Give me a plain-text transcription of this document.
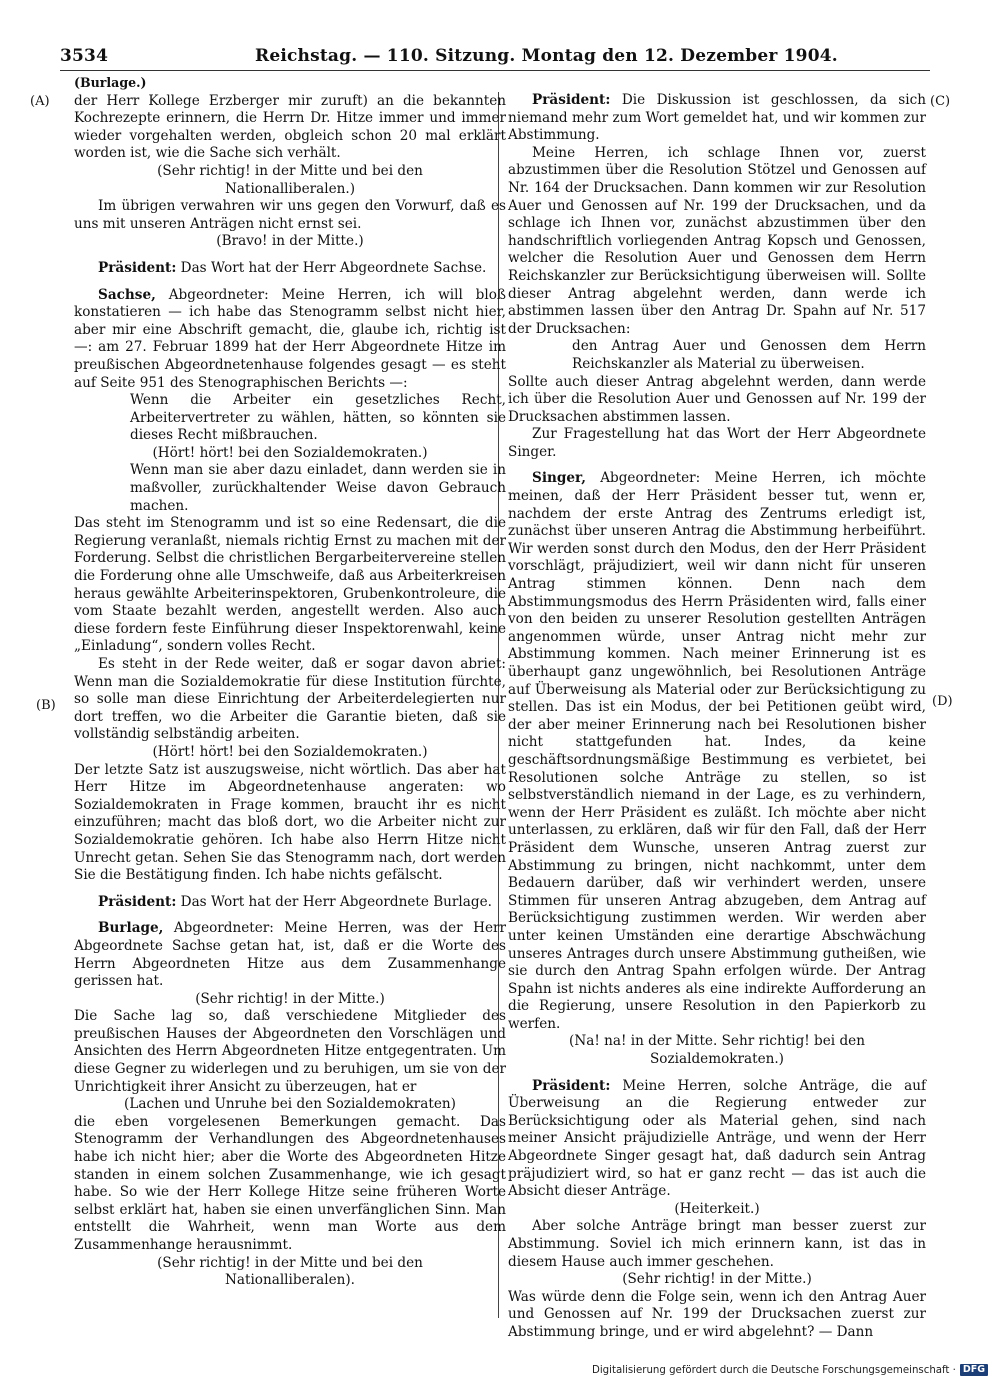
3534	Reichstag. — 110. Sitzung. Montag den 12. Dezember 1904.
(A)
(B)
(C)
(D)

(Burlage.)

der Herr Kollege Erzberger mir zuruft) an die bekannten Kochrezepte erinnern, die Herrn Dr. Hitze immer und immer wieder vorgehalten werden, obgleich schon 20 mal erklärt worden ist, wie die Sache sich verhält.

(Sehr richtig! in der Mitte und bei den Nationalliberalen.)

Im übrigen verwahren wir uns gegen den Vorwurf, daß es uns mit unseren Anträgen nicht ernst sei.

(Bravo! in der Mitte.)

Präsident: Das Wort hat der Herr Abgeordnete Sachse.

Sachse, Abgeordneter: Meine Herren, ich will bloß konstatieren — ich habe das Stenogramm selbst nicht hier, aber mir eine Abschrift gemacht, die, glaube ich, richtig ist —: am 27. Februar 1899 hat der Herr Abgeordnete Hitze im preußischen Abgeordnetenhause folgendes gesagt — es steht auf Seite 951 des Stenographischen Berichts —:

Wenn die Arbeiter ein gesetzliches Recht, Arbeitervertreter zu wählen, hätten, so könnten sie dieses Recht mißbrauchen.

(Hört! hört! bei den Sozialdemokraten.)

Wenn man sie aber dazu einladet, dann werden sie in maßvoller, zurückhaltender Weise davon Gebrauch machen.

Das steht im Stenogramm und ist so eine Redensart, die die Regierung veranlaßt, niemals richtig Ernst zu machen mit der Forderung. Selbst die christlichen Bergarbeitervereine stellen die Forderung ohne alle Umschweife, daß aus Arbeiterkreisen heraus gewählte Arbeiterinspektoren, Grubenkontroleure, die vom Staate bezahlt werden, angestellt werden. Also auch diese fordern feste Einführung dieser Inspektorenwahl, keine „Einladung“, sondern volles Recht.

Es steht in der Rede weiter, daß er sogar davon abriet: Wenn man die Sozialdemokratie für diese Institution fürchte, so solle man diese Einrichtung der Arbeiterdelegierten nur dort treffen, wo die Arbeiter die Garantie bieten, daß sie vollständig selbständig arbeiten.

(Hört! hört! bei den Sozialdemokraten.)

Der letzte Satz ist auszugsweise, nicht wörtlich. Das aber hat Herr Hitze im Abgeordnetenhause angeraten: wo Sozialdemokraten in Frage kommen, braucht ihr es nicht einzuführen; macht das bloß dort, wo die Arbeiter nicht zur Sozialdemokratie gehören. Ich habe also Herrn Hitze nicht Unrecht getan. Sehen Sie das Stenogramm nach, dort werden Sie die Bestätigung finden. Ich habe nichts gefälscht.

Präsident: Das Wort hat der Herr Abgeordnete Burlage.

Burlage, Abgeordneter: Meine Herren, was der Herr Abgeordnete Sachse getan hat, ist, daß er die Worte des Herrn Abgeordneten Hitze aus dem Zusammenhange gerissen hat.

(Sehr richtig! in der Mitte.)

Die Sache lag so, daß verschiedene Mitglieder des preußischen Hauses der Abgeordneten den Vorschlägen und Ansichten des Herrn Abgeordneten Hitze entgegentraten. Um diese Gegner zu widerlegen und zu beruhigen, um sie von der Unrichtigkeit ihrer Ansicht zu überzeugen, hat er

(Lachen und Unruhe bei den Sozialdemokraten)

die eben vorgelesenen Bemerkungen gemacht. Das Stenogramm der Verhandlungen des Abgeordnetenhauses habe ich nicht hier; aber die Worte des Abgeordneten Hitze standen in einem solchen Zusammenhange, wie ich gesagt habe. So wie der Herr Kollege Hitze seine früheren Worte selbst erklärt hat, haben sie einen unverfänglichen Sinn. Man entstellt die Wahrheit, wenn man Worte aus dem Zusammenhange herausnimmt.

(Sehr richtig! in der Mitte und bei den Nationalliberalen).

Präsident: Die Diskussion ist geschlossen, da sich niemand mehr zum Wort gemeldet hat, und wir kommen zur Abstimmung.

Meine Herren, ich schlage Ihnen vor, zuerst abzustimmen über die Resolution Stötzel und Genossen auf Nr. 164 der Drucksachen. Dann kommen wir zur Resolution Auer und Genossen auf Nr. 199 der Drucksachen, und da schlage ich Ihnen vor, zunächst abzustimmen über den handschriftlich vorliegenden Antrag Kopsch und Genossen, welcher die Resolution Auer und Genossen dem Herrn Reichskanzler zur Berücksichtigung überweisen will. Sollte dieser Antrag abgelehnt werden, dann werde ich abstimmen lassen über den Antrag Dr. Spahn auf Nr. 517 der Drucksachen:

den Antrag Auer und Genossen dem Herrn Reichskanzler als Material zu überweisen.

Sollte auch dieser Antrag abgelehnt werden, dann werde ich über die Resolution Auer und Genossen auf Nr. 199 der Drucksachen abstimmen lassen.

Zur Fragestellung hat das Wort der Herr Abgeordnete Singer.

Singer, Abgeordneter: Meine Herren, ich möchte meinen, daß der Herr Präsident besser tut, wenn er, nachdem der erste Antrag des Zentrums erledigt ist, zunächst über unseren Antrag die Abstimmung herbeiführt. Wir werden sonst durch den Modus, den der Herr Präsident vorschlägt, präjudiziert, weil wir dann nicht für unseren Antrag stimmen können. Denn nach dem Abstimmungsmodus des Herrn Präsidenten wird, falls einer von den beiden zu unserer Resolution gestellten Anträgen angenommen würde, unser Antrag nicht mehr zur Abstimmung kommen. Nach meiner Erinnerung ist es überhaupt ganz ungewöhnlich, bei Resolutionen Anträge auf Überweisung als Material oder zur Berücksichtigung zu stellen. Das ist ein Modus, der bei Petitionen geübt wird, der aber meiner Erinnerung nach bei Resolutionen bisher nicht stattgefunden hat. Indes, da keine geschäftsordnungsmäßige Bestimmung es verbietet, bei Resolutionen solche Anträge zu stellen, so ist selbstverständlich niemand in der Lage, es zu verhindern, wenn der Herr Präsident es zuläßt. Ich möchte aber nicht unterlassen, zu erklären, daß wir für den Fall, daß der Herr Präsident dem Wunsche, unseren Antrag zuerst zur Abstimmung zu bringen, nicht nachkommt, unter dem Bedauern darüber, daß wir verhindert werden, unsere Stimmen für unseren Antrag abzugeben, dem Antrag auf Berücksichtigung zustimmen werden. Wir werden aber unter keinen Umständen eine derartige Abschwächung unseres Antrages durch unsere Abstimmung gutheißen, wie sie durch den Antrag Spahn erfolgen würde. Der Antrag Spahn ist nichts anderes als eine indirekte Aufforderung an die Regierung, unsere Resolution in den Papierkorb zu werfen.

(Na! na! in der Mitte. Sehr richtig! bei den Sozialdemokraten.)

Präsident: Meine Herren, solche Anträge, die auf Überweisung an die Regierung entweder zur Berücksichtigung oder als Material gehen, sind nach meiner Ansicht präjudizielle Anträge, und wenn der Herr Abgeordnete Singer gesagt hat, daß dadurch sein Antrag präjudiziert wird, so hat er ganz recht — das ist auch die Absicht dieser Anträge.

(Heiterkeit.)

Aber solche Anträge bringt man besser zuerst zur Abstimmung. Soviel ich mich erinnern kann, ist das in diesem Hause auch immer geschehen.

(Sehr richtig! in der Mitte.)

Was würde denn die Folge sein, wenn ich den Antrag Auer und Genossen auf Nr. 199 der Drucksachen zuerst zur Abstimmung bringe, und er wird abgelehnt? — Dann

Digitalisierung gefördert durch die Deutsche Forschungsgemeinschaft · DFG
